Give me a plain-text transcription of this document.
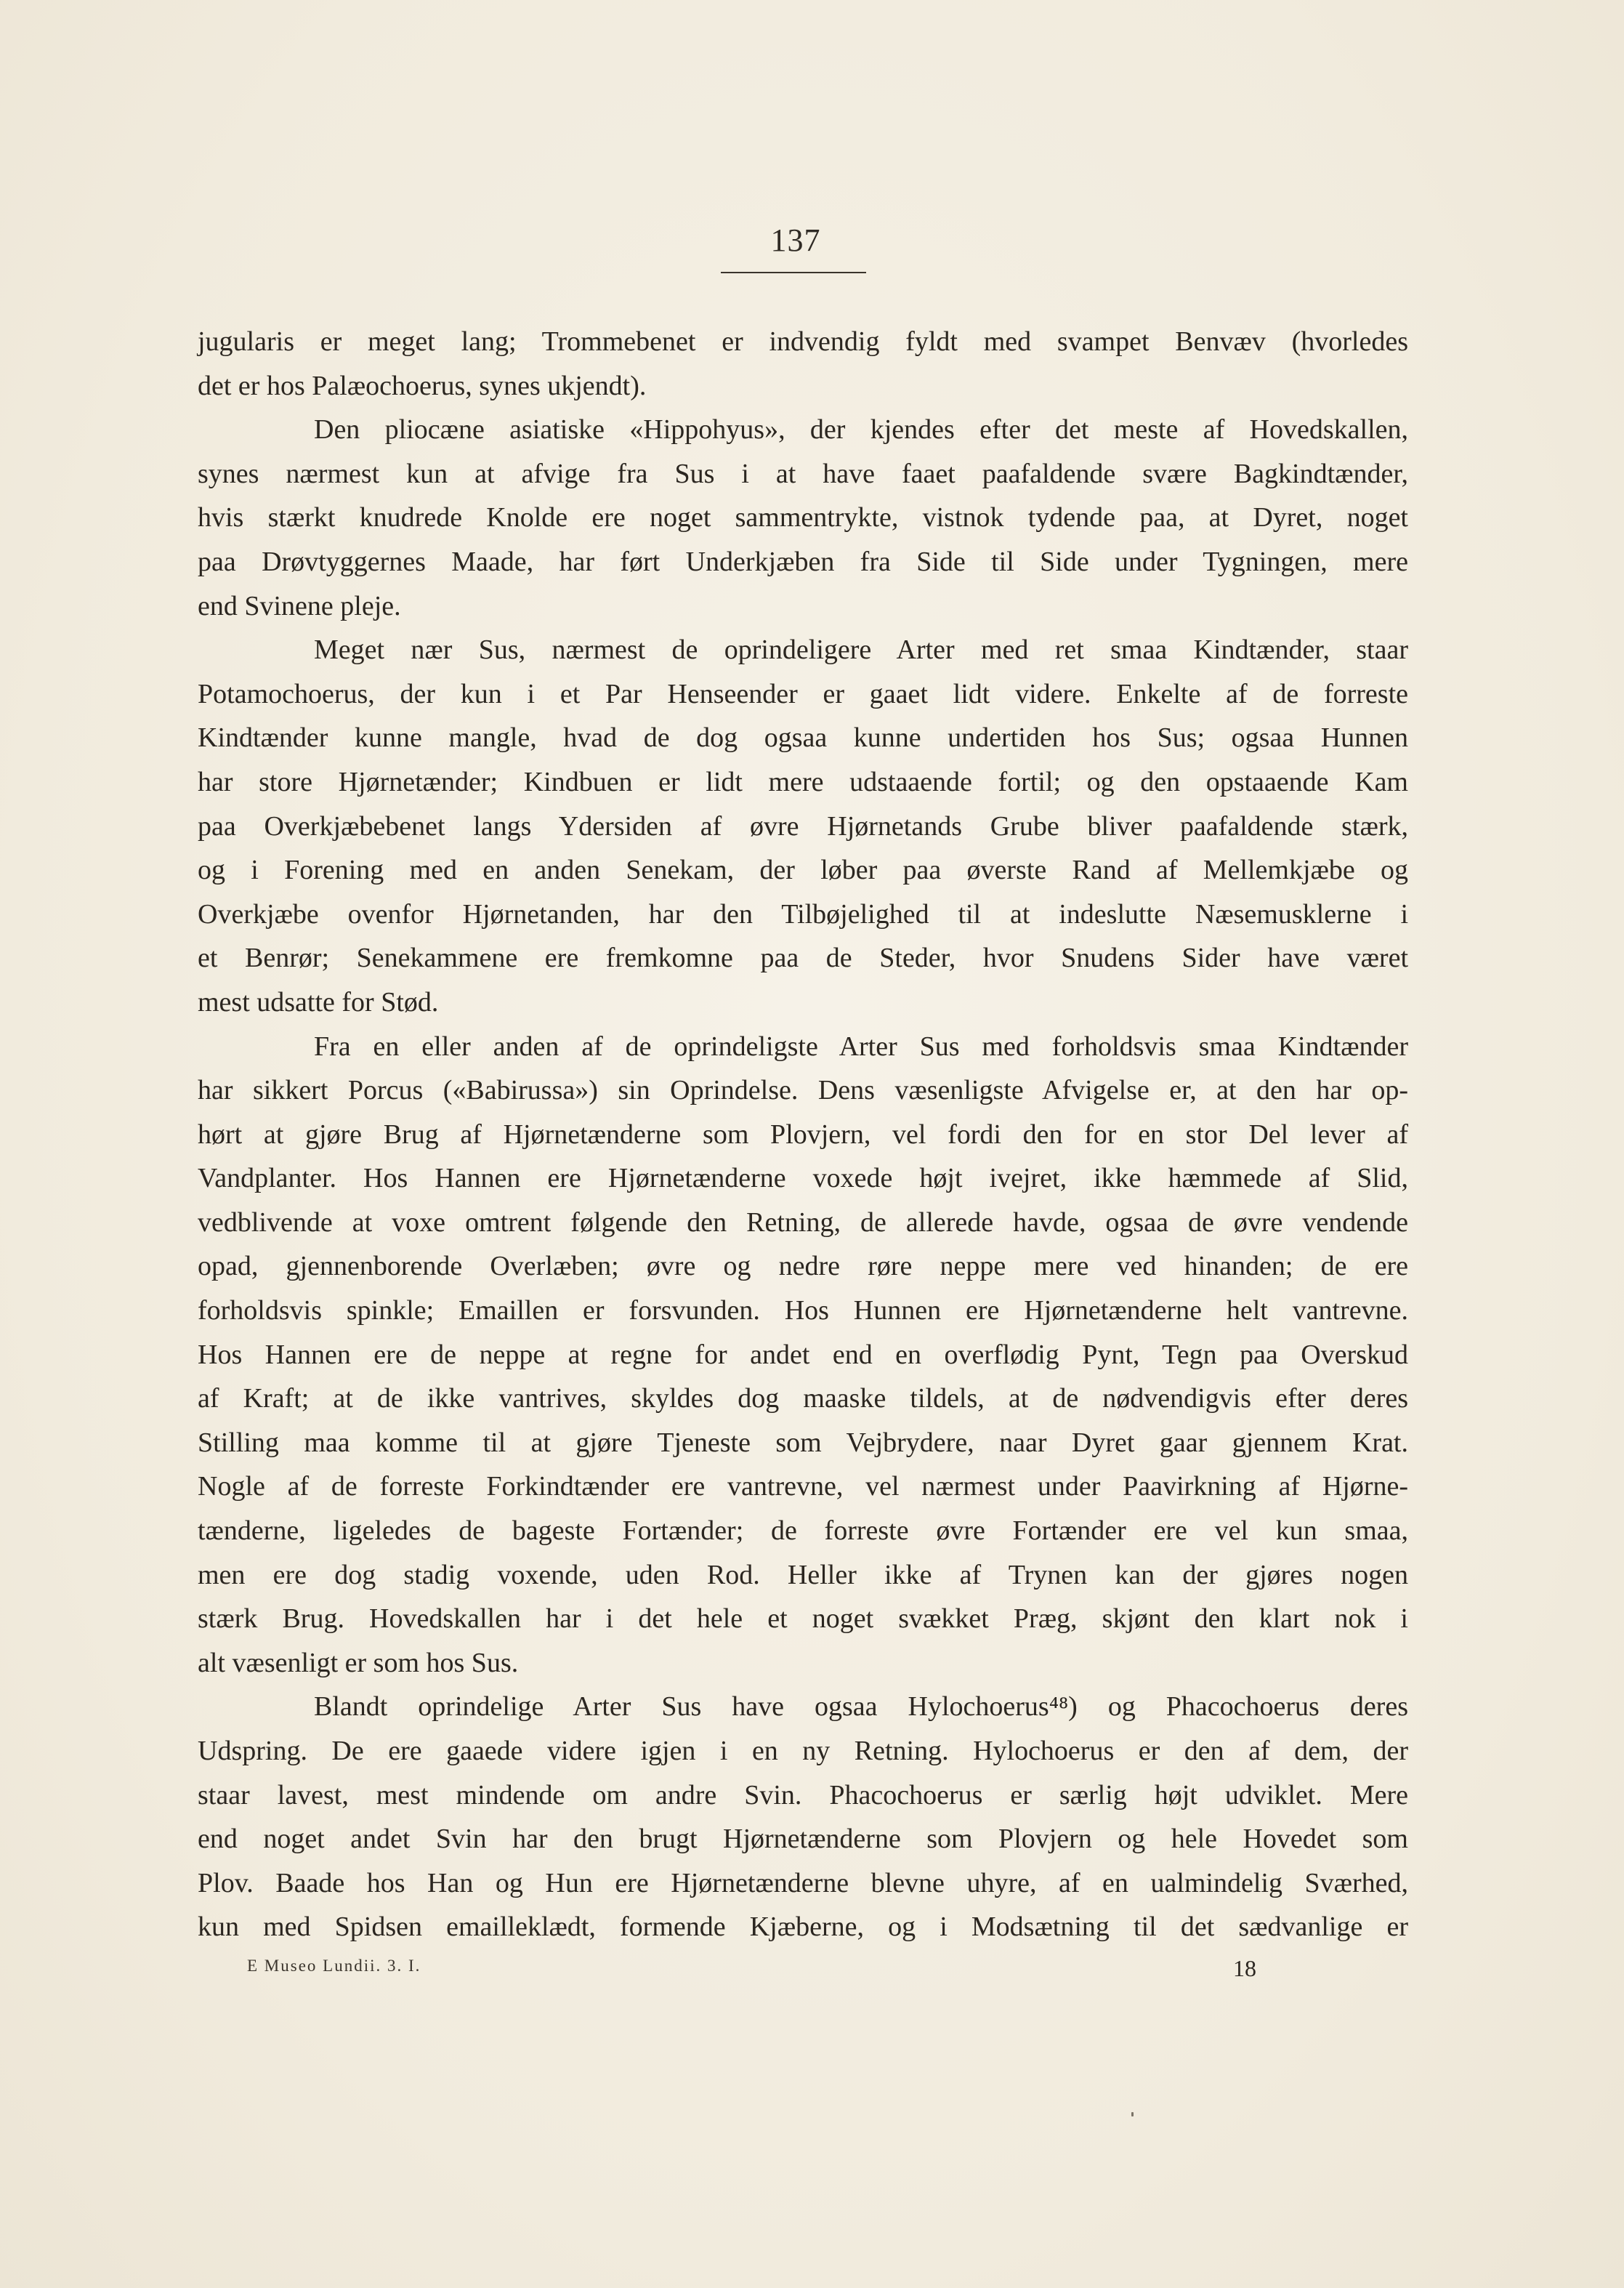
137
jugularis er meget lang; Trommebenet er indvendig fyldt med svampet Benvæv (hvorledes
det er hos Palæochoerus, synes ukjendt).
Den pliocæne asiatiske «Hippohyus», der kjendes efter det meste af Hovedskallen,
synes nærmest kun at afvige fra Sus i at have faaet paafaldende svære Bagkindtænder,
hvis stærkt knudrede Knolde ere noget sammentrykte, vistnok tydende paa, at Dyret, noget
paa Drøvtyggernes Maade, har ført Underkjæben fra Side til Side under Tygningen, mere
end Svinene pleje.
Meget nær Sus, nærmest de oprindeligere Arter med ret smaa Kindtænder, staar
Potamochoerus, der kun i et Par Henseender er gaaet lidt videre. Enkelte af de forreste
Kindtænder kunne mangle, hvad de dog ogsaa kunne undertiden hos Sus; ogsaa Hunnen
har store Hjørnetænder; Kindbuen er lidt mere udstaaende fortil; og den opstaaende Kam
paa Overkjæbebenet langs Ydersiden af øvre Hjørnetands Grube bliver paafaldende stærk,
og i Forening med en anden Senekam, der løber paa øverste Rand af Mellemkjæbe og
Overkjæbe ovenfor Hjørnetanden, har den Tilbøjelighed til at indeslutte Næsemusklerne i
et Benrør; Senekammene ere fremkomne paa de Steder, hvor Snudens Sider have været
mest udsatte for Stød.
Fra en eller anden af de oprindeligste Arter Sus med forholdsvis smaa Kindtænder
har sikkert Porcus («Babirussa») sin Oprindelse. Dens væsenligste Afvigelse er, at den har op-
hørt at gjøre Brug af Hjørnetænderne som Plovjern, vel fordi den for en stor Del lever af
Vandplanter. Hos Hannen ere Hjørnetænderne voxede højt ivejret, ikke hæmmede af Slid,
vedblivende at voxe omtrent følgende den Retning, de allerede havde, ogsaa de øvre vendende
opad, gjennenborende Overlæben; øvre og nedre røre neppe mere ved hinanden; de ere
forholdsvis spinkle; Emaillen er forsvunden. Hos Hunnen ere Hjørnetænderne helt vantrevne.
Hos Hannen ere de neppe at regne for andet end en overflødig Pynt, Tegn paa Overskud
af Kraft; at de ikke vantrives, skyldes dog maaske tildels, at de nødvendigvis efter deres
Stilling maa komme til at gjøre Tjeneste som Vejbrydere, naar Dyret gaar gjennem Krat.
Nogle af de forreste Forkindtænder ere vantrevne, vel nærmest under Paavirkning af Hjørne-
tænderne, ligeledes de bageste Fortænder; de forreste øvre Fortænder ere vel kun smaa,
men ere dog stadig voxende, uden Rod. Heller ikke af Trynen kan der gjøres nogen
stærk Brug. Hovedskallen har i det hele et noget svækket Præg, skjønt den klart nok i
alt væsenligt er som hos Sus.
Blandt oprindelige Arter Sus have ogsaa Hylochoerus⁴⁸) og Phacochoerus deres
Udspring. De ere gaaede videre igjen i en ny Retning. Hylochoerus er den af dem, der
staar lavest, mest mindende om andre Svin. Phacochoerus er særlig højt udviklet. Mere
end noget andet Svin har den brugt Hjørnetænderne som Plovjern og hele Hovedet som
Plov. Baade hos Han og Hun ere Hjørnetænderne blevne uhyre, af en ualmindelig Sværhed,
kun med Spidsen emailleklædt, formende Kjæberne, og i Modsætning til det sædvanlige er
E Museo Lundii. 3. I.	18
